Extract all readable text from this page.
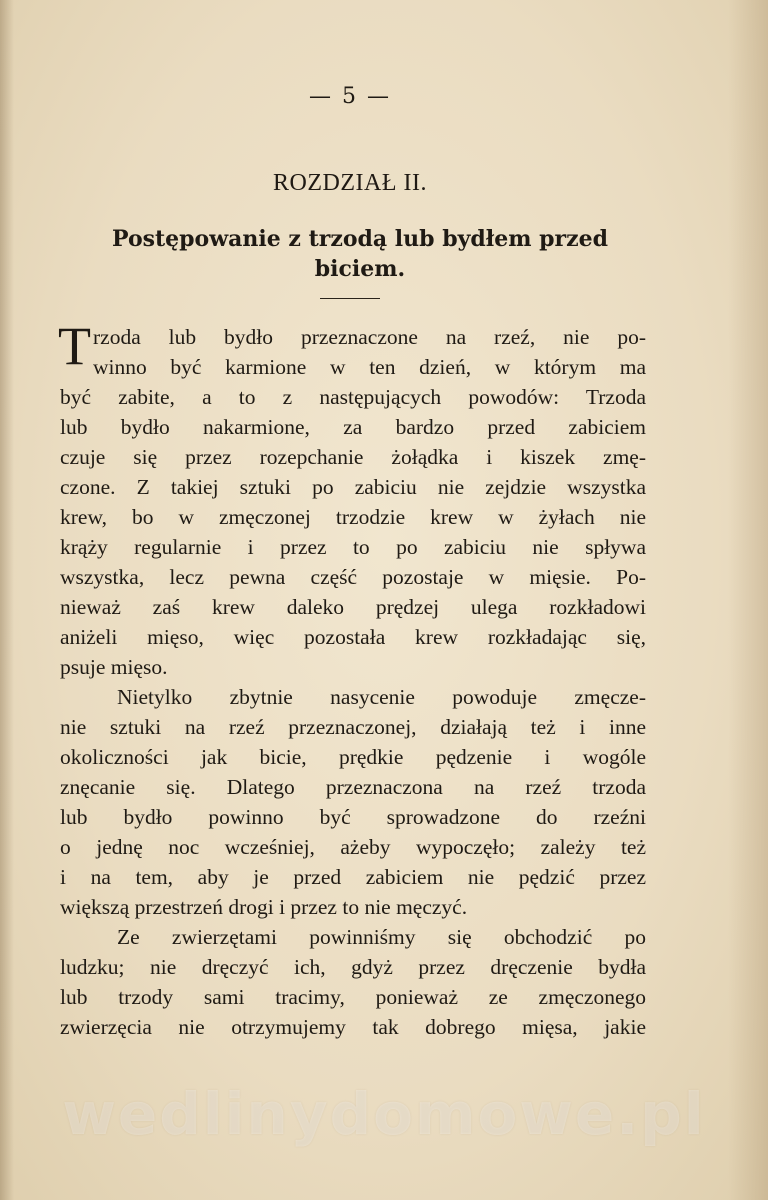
— 5 —
ROZDZIAŁ II.
Postępowanie z trzodą lub bydłem przed
biciem.

T rzoda lub bydło przeznaczone na rzeź, nie po-
winno być karmione w ten dzień, w którym ma
być zabite, a to z następujących powodów: Trzoda
lub bydło nakarmione, za bardzo przed zabiciem
czuje się przez rozepchanie żołądka i kiszek zmę-
czone. Z takiej sztuki po zabiciu nie zejdzie wszystka
krew, bo w zmęczonej trzodzie krew w żyłach nie
krąży regularnie i przez to po zabiciu nie spływa
wszystka, lecz pewna część pozostaje w mięsie. Po-
nieważ zaś krew daleko prędzej ulega rozkładowi
aniżeli mięso, więc pozostała krew rozkładając się,
psuje mięso.

Nietylko zbytnie nasycenie powoduje zmęcze-
nie sztuki na rzeź przeznaczonej, działają też i inne
okoliczności jak bicie, prędkie pędzenie i wogóle
znęcanie się. Dlatego przeznaczona na rzeź trzoda
lub bydło powinno być sprowadzone do rzeźni
o jednę noc wcześniej, ażeby wypoczęło; zależy też
i na tem, aby je przed zabiciem nie pędzić przez
większą przestrzeń drogi i przez to nie męczyć.

Ze zwierzętami powinniśmy się obchodzić po
ludzku; nie dręczyć ich, gdyż przez dręczenie bydła
lub trzody sami tracimy, ponieważ ze zmęczonego
zwierzęcia nie otrzymujemy tak dobrego mięsa, jakie

wedlinydomowe.pl
